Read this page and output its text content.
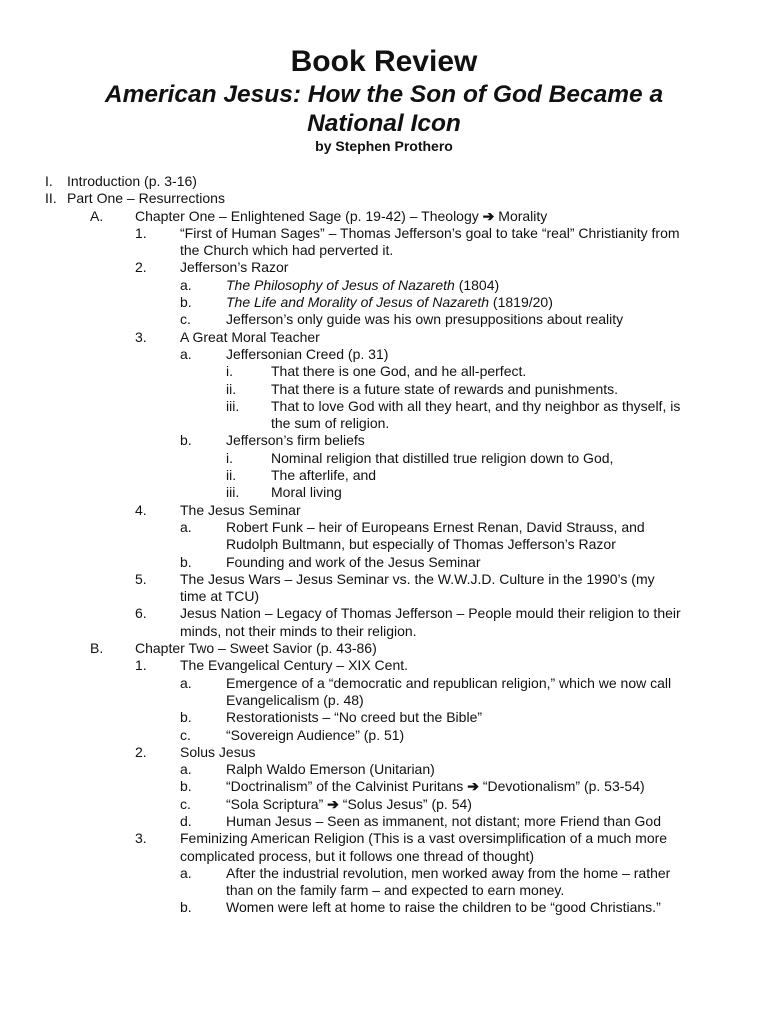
Book Review
American Jesus: How the Son of God Became a
National Icon
by Stephen Prothero
I.	Introduction (p. 3-16)
II. Part One – Resurrections
A.	Chapter One – Enlightened Sage (p. 19-42) – Theology ➔ Morality
1.	“First of Human Sages” – Thomas Jefferson’s goal to take “real” Christianity from
the Church which had perverted it.
2.	Jefferson’s Razor
a.	The Philosophy of Jesus of Nazareth (1804)
b.	The Life and Morality of Jesus of Nazareth (1819/20)
c.	Jefferson’s only guide was his own presuppositions about reality
3.	A Great Moral Teacher
a.	Jeffersonian Creed (p. 31)
i.	That there is one God, and he all-perfect.
ii.	That there is a future state of rewards and punishments.
iii.	That to love God with all they heart, and thy neighbor as thyself, is
the sum of religion.
b.	Jefferson’s firm beliefs
i.	Nominal religion that distilled true religion down to God,
ii.	The afterlife, and
iii.	Moral living
4.	The Jesus Seminar
a.	Robert Funk – heir of Europeans Ernest Renan, David Strauss, and
Rudolph Bultmann, but especially of Thomas Jefferson’s Razor
b.	Founding and work of the Jesus Seminar
5.	The Jesus Wars – Jesus Seminar vs. the W.W.J.D. Culture in the 1990’s (my
time at TCU)
6.	Jesus Nation – Legacy of Thomas Jefferson – People mould their religion to their
minds, not their minds to their religion.
B.	Chapter Two – Sweet Savior (p. 43-86)
1.	The Evangelical Century – XIX Cent.
a.	Emergence of a “democratic and republican religion,” which we now call
Evangelicalism (p. 48)
b.	Restorationists – “No creed but the Bible”
c.	“Sovereign Audience” (p. 51)
2.	Solus Jesus
a.	Ralph Waldo Emerson (Unitarian)
b.	“Doctrinalism” of the Calvinist Puritans ➔ “Devotionalism” (p. 53-54)
c.	“Sola Scriptura” ➔ “Solus Jesus” (p. 54)
d.	Human Jesus – Seen as immanent, not distant; more Friend than God
3.	Feminizing American Religion (This is a vast oversimplification of a much more
complicated process, but it follows one thread of thought)
a.	After the industrial revolution, men worked away from the home – rather
than on the family farm – and expected to earn money.
b.	Women were left at home to raise the children to be “good Christians.”
